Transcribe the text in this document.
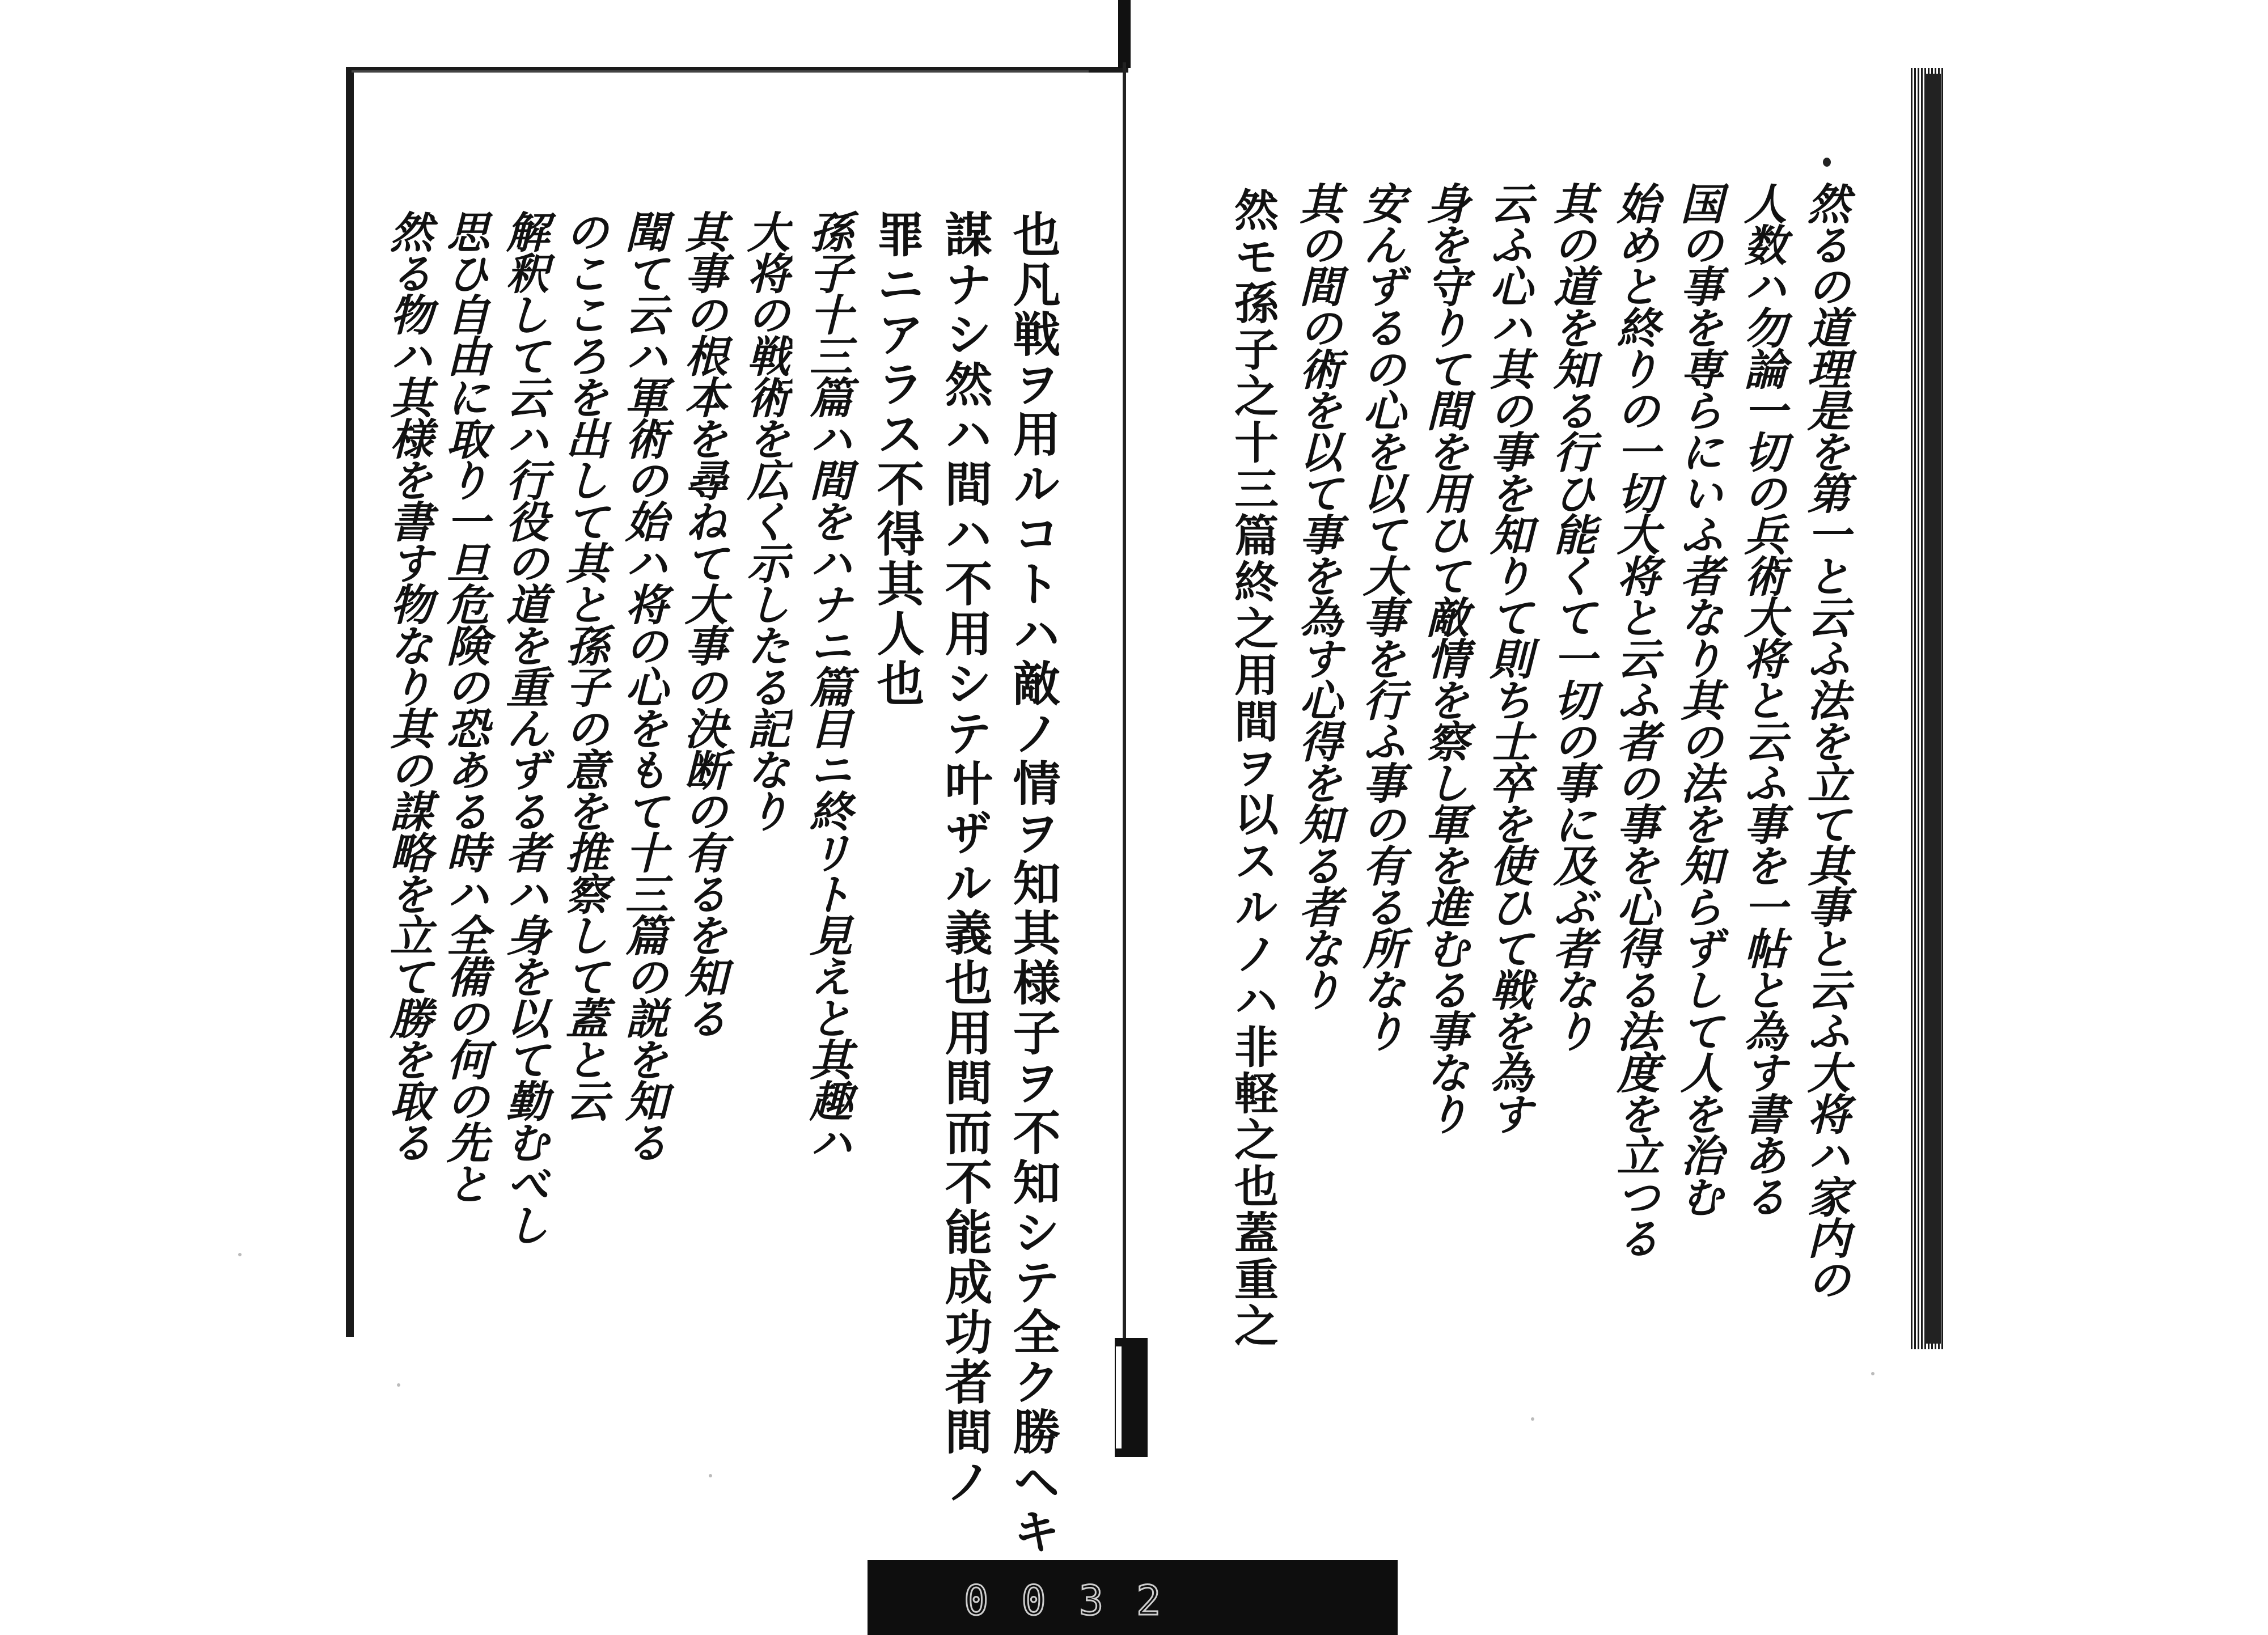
也凡戦ヲ用ルコトハ敵ノ情ヲ知其様子ヲ不知シテ全ク勝ヘキ
謀ナシ然ハ間ハ不用シテ叶ザル義也用間而不能成功者間ノ
罪ニアラス不得其人也
孫子十三篇ハ間をハナニ篇目ニ終リト見えと其趣ハ
大将の戦術を広く示したる記なり
其事の根本を尋ねて大事の決断の有るを知る
聞て云ハ軍術の始ハ将の心をもて十三篇の説を知る
のこころを出して其と孫子の意を推察して蓋と云
解釈して云ハ行役の道を重んずる者ハ身を以て勤むべし
思ひ自由に取り一旦危険の恐ある時ハ全備の何の先と
然る物ハ其様を書す物なり其の謀略を立て勝を取る	然るの道理是を第一と云ふ法を立て其事と云ふ大将ハ家内の
人数ハ勿論一切の兵術大将と云ふ事を一帖と為す書ある
国の事を専らにいふ者なり其の法を知らずして人を治む
始めと終りの一切大将と云ふ者の事を心得る法度を立つる
其の道を知る行ひ能くて一切の事に及ぶ者なり
云ふ心ハ其の事を知りて則ち士卒を使ひて戦を為す
身を守りて間を用ひて敵情を察し軍を進むる事なり
安んずるの心を以て大事を行ふ事の有る所なり
其の間の術を以て事を為す心得を知る者なり
然モ孫子之十三篇終之用間ヲ以スルノハ非軽之也蓋重之
0032
